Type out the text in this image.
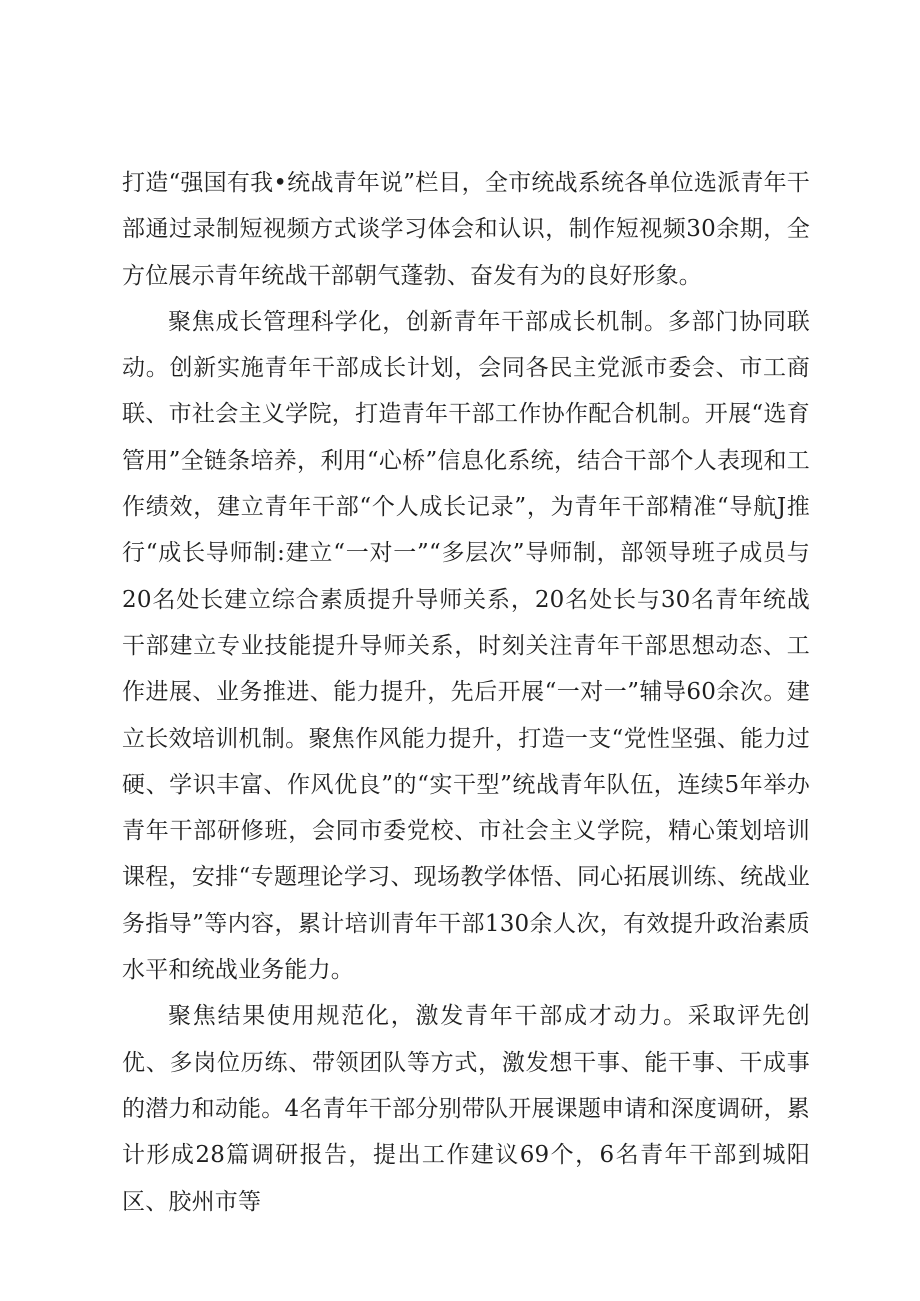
打造“强国有我•统战青年说”栏目，全市统战系统各单位选派青年干部通过录制短视频方式谈学习体会和认识，制作短视频30余期，全方位展示青年统战干部朝气蓬勃、奋发有为的良好形象。

聚焦成长管理科学化，创新青年干部成长机制。多部门协同联动。创新实施青年干部成长计划，会同各民主党派市委会、市工商联、市社会主义学院，打造青年干部工作协作配合机制。开展“选育管用”全链条培养，利用“心桥”信息化系统，结合干部个人表现和工作绩效，建立青年干部“个人成长记录”，为青年干部精准“导航J推行“成长导师制:建立“一对一”“多层次”导师制，部领导班子成员与20名处长建立综合素质提升导师关系，20名处长与30名青年统战干部建立专业技能提升导师关系，时刻关注青年干部思想动态、工作进展、业务推进、能力提升，先后开展“一对一”辅导60余次。建立长效培训机制。聚焦作风能力提升，打造一支“党性坚强、能力过硬、学识丰富、作风优良”的“实干型”统战青年队伍，连续5年举办青年干部研修班，会同市委党校、市社会主义学院，精心策划培训课程，安排“专题理论学习、现场教学体悟、同心拓展训练、统战业务指导”等内容，累计培训青年干部130余人次，有效提升政治素质水平和统战业务能力。

聚焦结果使用规范化，激发青年干部成才动力。采取评先创优、多岗位历练、带领团队等方式，激发想干事、能干事、干成事的潜力和动能。4名青年干部分别带队开展课题申请和深度调研，累计形成28篇调研报告，提出工作建议69个，6名青年干部到城阳区、胶州市等
